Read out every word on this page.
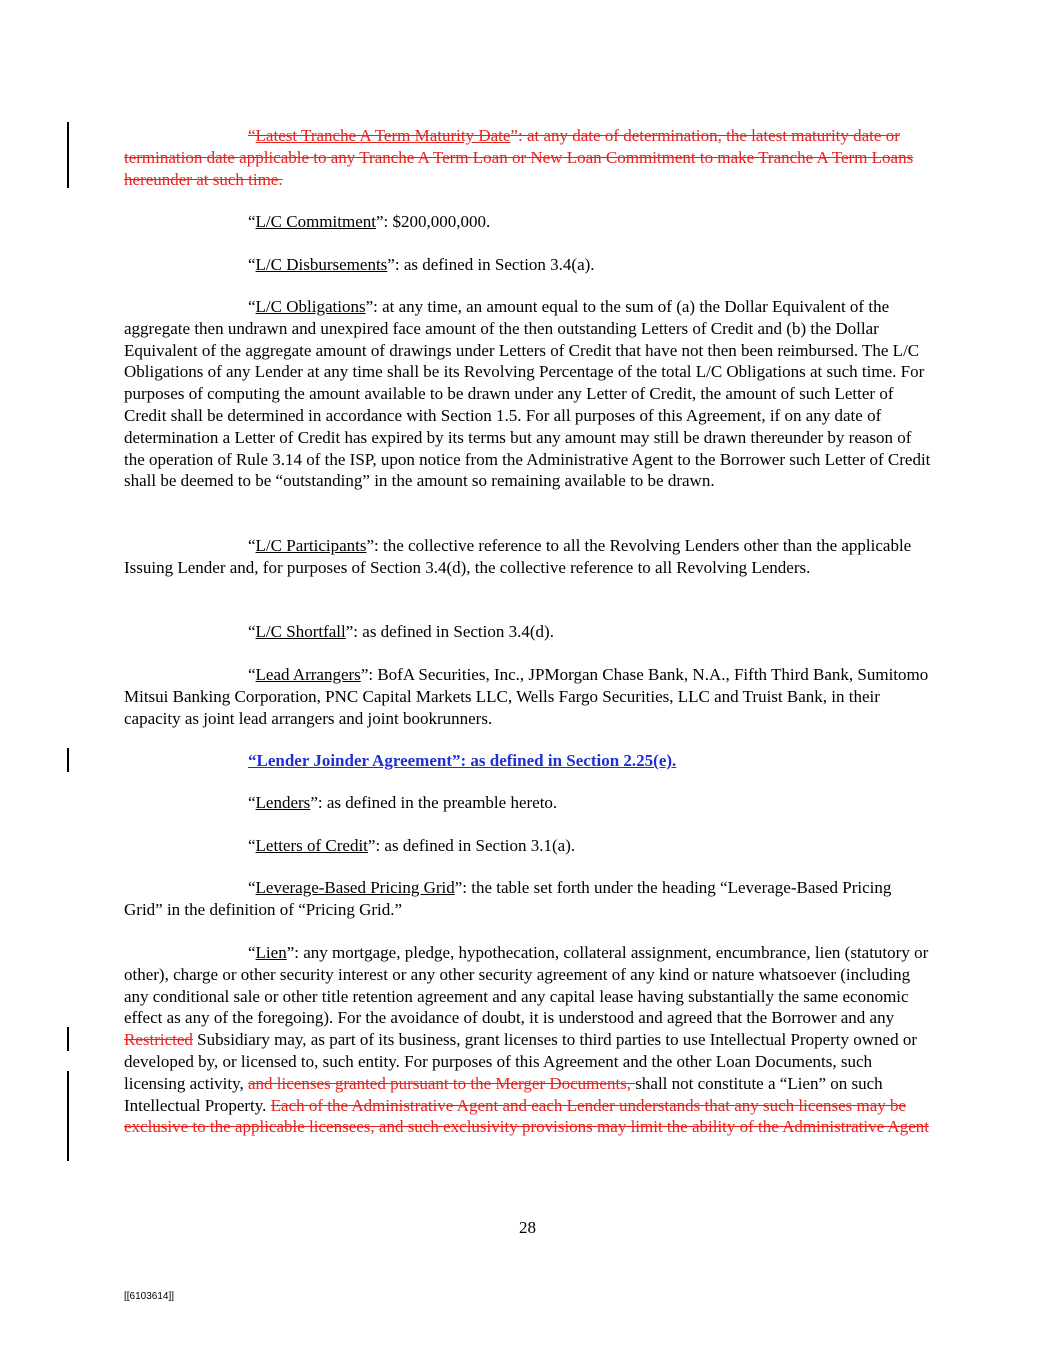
“Latest Tranche A Term Maturity Date”: at any date of determination, the latest maturity date or termination date applicable to any Tranche A Term Loan or New Loan Commitment to make Tranche A Term Loans hereunder at such time.

“L/C Commitment”: $200,000,000.

“L/C Disbursements”: as defined in Section 3.4(a).

“L/C Obligations”: at any time, an amount equal to the sum of (a) the Dollar Equivalent of the aggregate then undrawn and unexpired face amount of the then outstanding Letters of Credit and (b) the Dollar Equivalent of the aggregate amount of drawings under Letters of Credit that have not then been reimbursed. The L/C Obligations of any Lender at any time shall be its Revolving Percentage of the total L/C Obligations at such time. For purposes of computing the amount available to be drawn under any Letter of Credit, the amount of such Letter of Credit shall be determined in accordance with Section 1.5. For all purposes of this Agreement, if on any date of determination a Letter of Credit has expired by its terms but any amount may still be drawn thereunder by reason of the operation of Rule 3.14 of the ISP, upon notice from the Administrative Agent to the Borrower such Letter of Credit shall be deemed to be “outstanding” in the amount so remaining available to be drawn.

“L/C Participants”: the collective reference to all the Revolving Lenders other than the applicable Issuing Lender and, for purposes of Section 3.4(d), the collective reference to all Revolving Lenders.

“L/C Shortfall”: as defined in Section 3.4(d).

“Lead Arrangers”: BofA Securities, Inc., JPMorgan Chase Bank, N.A., Fifth Third Bank, Sumitomo Mitsui Banking Corporation, PNC Capital Markets LLC, Wells Fargo Securities, LLC and Truist Bank, in their capacity as joint lead arrangers and joint bookrunners.

“Lender Joinder Agreement”: as defined in Section 2.25(e).

“Lenders”: as defined in the preamble hereto.

“Letters of Credit”: as defined in Section 3.1(a).

“Leverage-Based Pricing Grid”: the table set forth under the heading “Leverage-Based Pricing Grid” in the definition of “Pricing Grid.”

“Lien”: any mortgage, pledge, hypothecation, collateral assignment, encumbrance, lien (statutory or other), charge or other security interest or any other security agreement of any kind or nature whatsoever (including any conditional sale or other title retention agreement and any capital lease having substantially the same economic effect as any of the foregoing). For the avoidance of doubt, it is understood and agreed that the Borrower and any Restricted Subsidiary may, as part of its business, grant licenses to third parties to use Intellectual Property owned or developed by, or licensed to, such entity. For purposes of this Agreement and the other Loan Documents, such licensing activity, and licenses granted pursuant to the Merger Documents, shall not constitute a “Lien” on such Intellectual Property. Each of the Administrative Agent and each Lender understands that any such licenses may be exclusive to the applicable licensees, and such exclusivity provisions may limit the ability of the Administrative Agent

28
[[6103614]]
